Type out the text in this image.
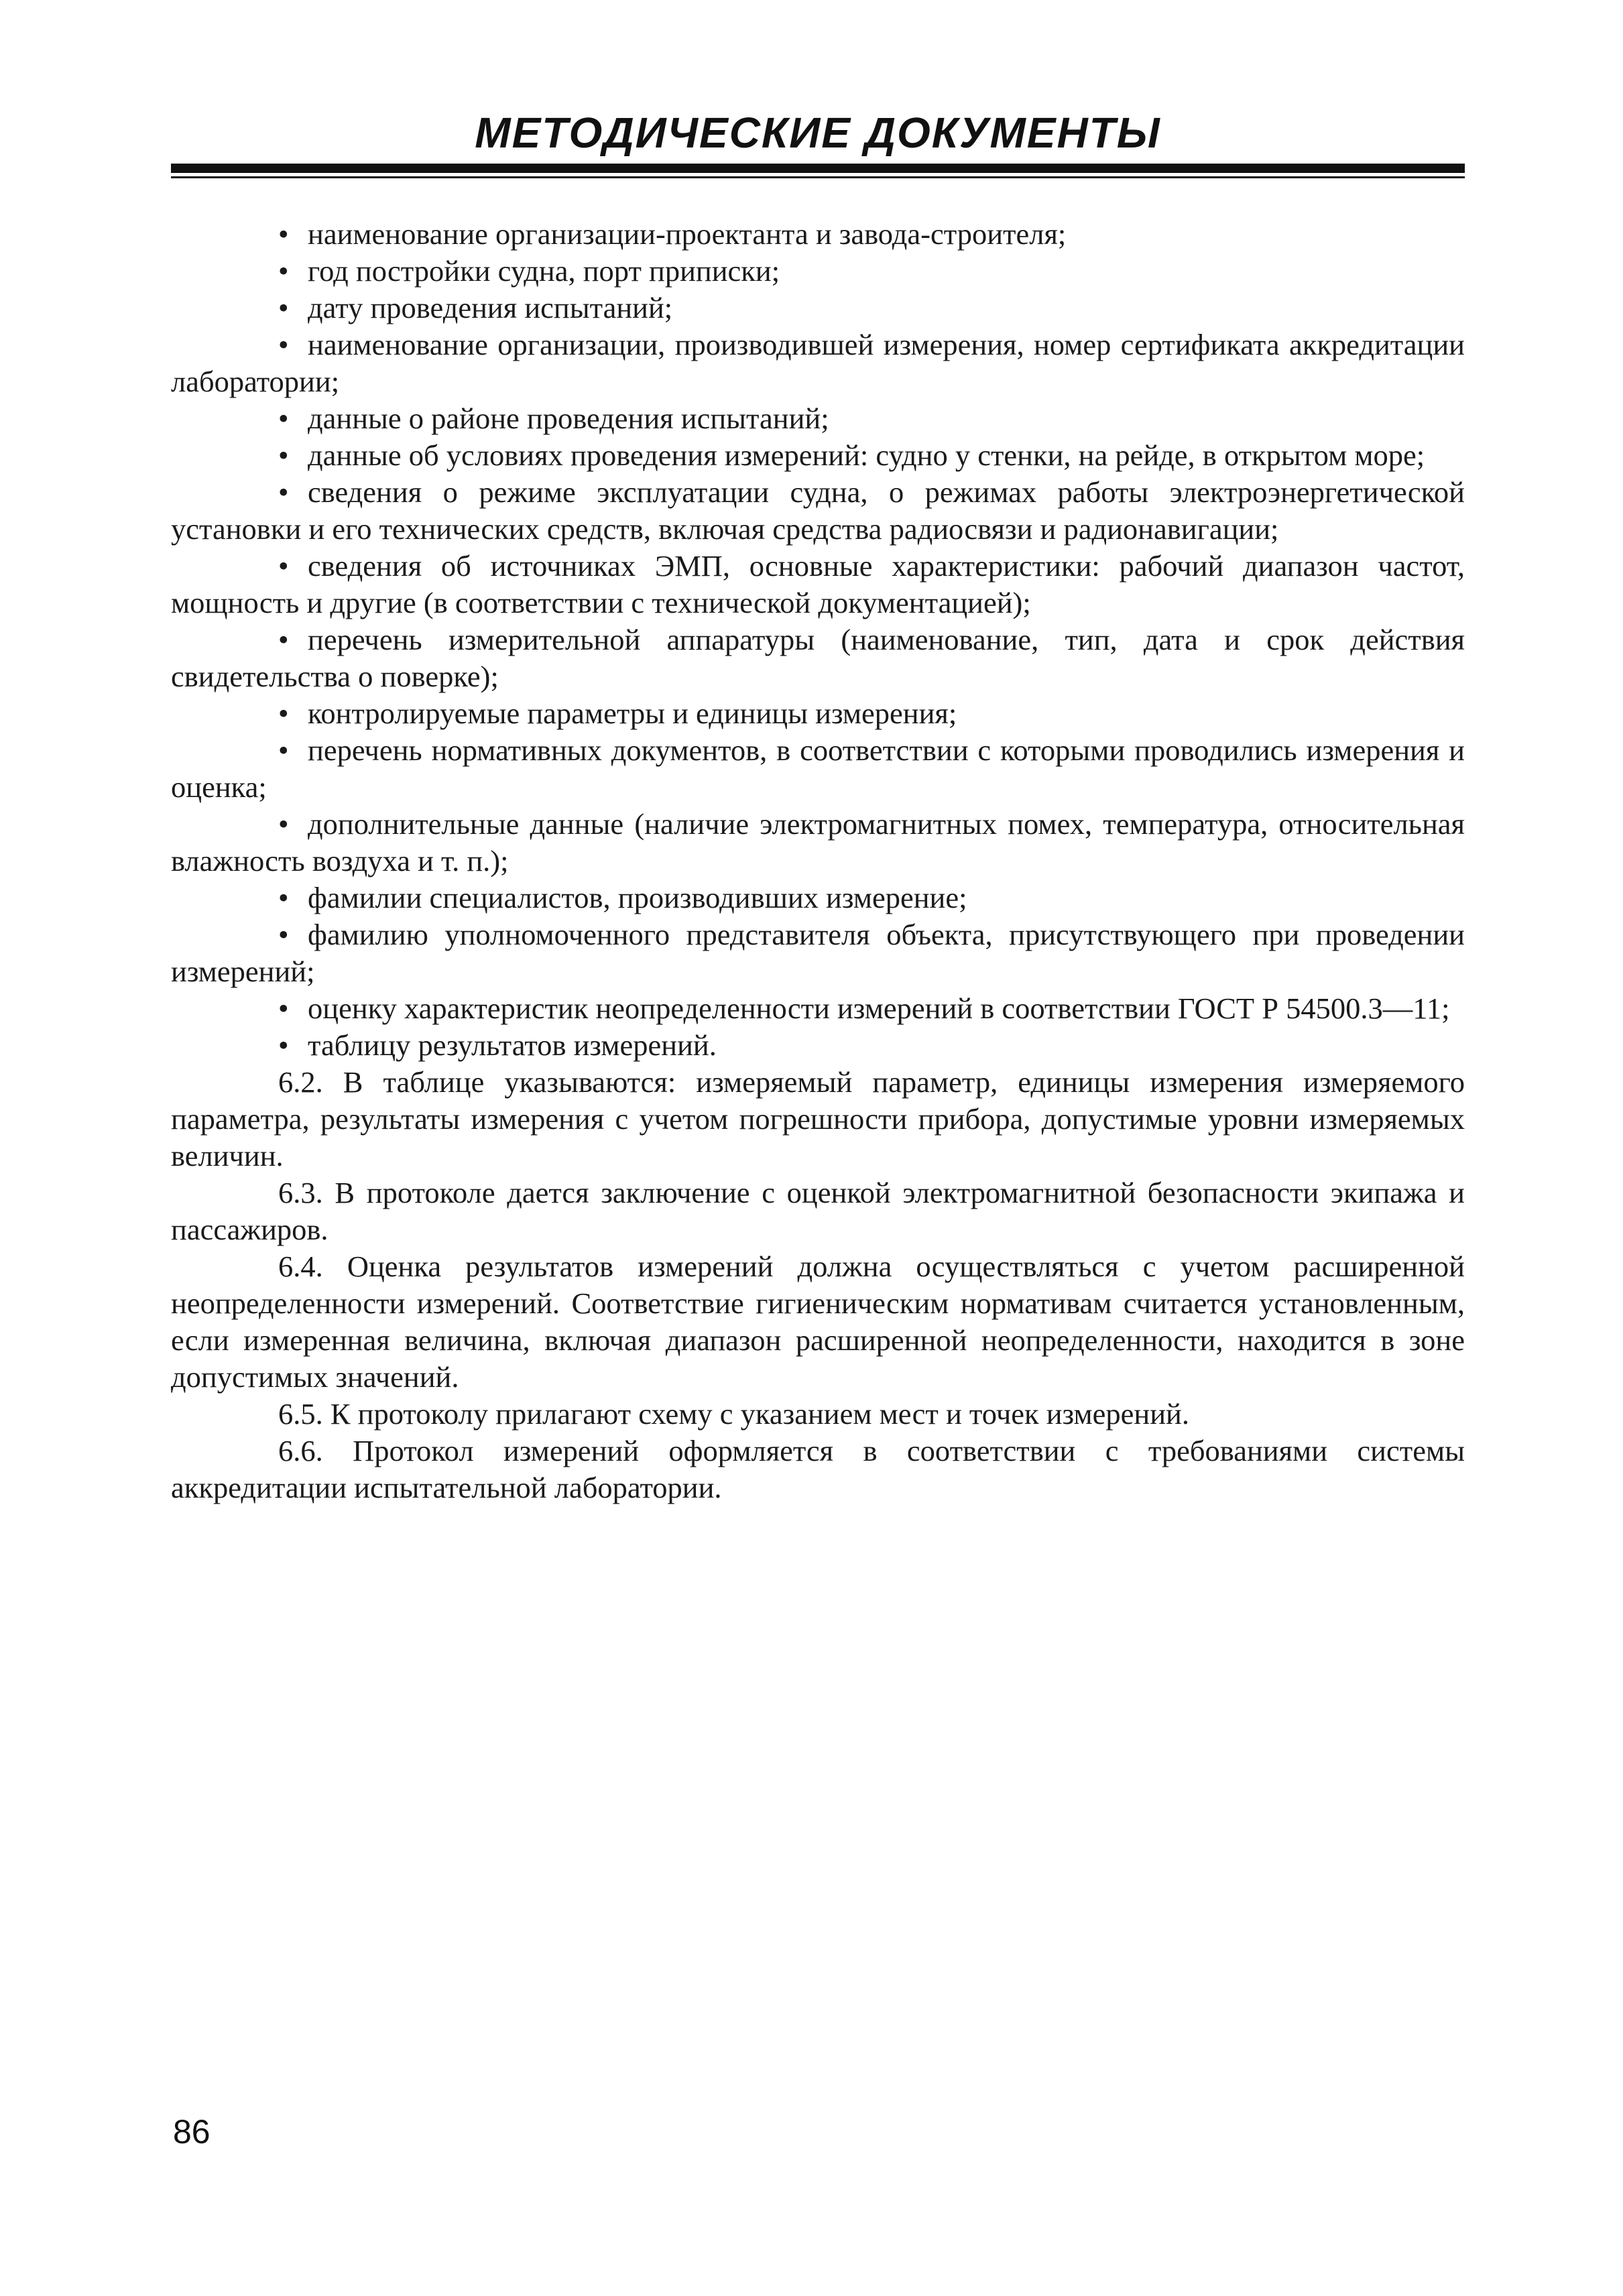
МЕТОДИЧЕСКИЕ ДОКУМЕНТЫ

• наименование организации-проектанта и завода-строителя;

• год постройки судна, порт приписки;

• дату проведения испытаний;

• наименование организации, производившей измерения, номер сертификата аккредитации лаборатории;

• данные о районе проведения испытаний;

• данные об условиях проведения измерений: судно у стенки, на рейде, в открытом море;

• сведения о режиме эксплуатации судна, о режимах работы электроэнергетической установки и его технических средств, включая средства радиосвязи и радионавигации;

• сведения об источниках ЭМП, основные характеристики: рабочий диапазон частот, мощность и другие (в соответствии с технической документацией);

• перечень измерительной аппаратуры (наименование, тип, дата и срок действия свидетельства о поверке);

• контролируемые параметры и единицы измерения;

• перечень нормативных документов, в соответствии с которыми проводились измерения и оценка;

• дополнительные данные (наличие электромагнитных помех, температура, относительная влажность воздуха и т. п.);

• фамилии специалистов, производивших измерение;

• фамилию уполномоченного представителя объекта, присутствующего при проведении измерений;

• оценку характеристик неопределенности измерений в соответствии ГОСТ Р 54500.3—11;

• таблицу результатов измерений.

6.2. В таблице указываются: измеряемый параметр, единицы измерения измеряемого параметра, результаты измерения с учетом погрешности прибора, допустимые уровни измеряемых величин.

6.3. В протоколе дается заключение с оценкой электромагнитной безопасности экипажа и пассажиров.

6.4. Оценка результатов измерений должна осуществляться с учетом расширенной неопределенности измерений. Соответствие гигиеническим нормативам считается установленным, если измеренная величина, включая диапазон расширенной неопределенности, находится в зоне допустимых значений.

6.5. К протоколу прилагают схему с указанием мест и точек измерений.

6.6. Протокол измерений оформляется в соответствии с требованиями системы аккредитации испытательной лаборатории.

86
